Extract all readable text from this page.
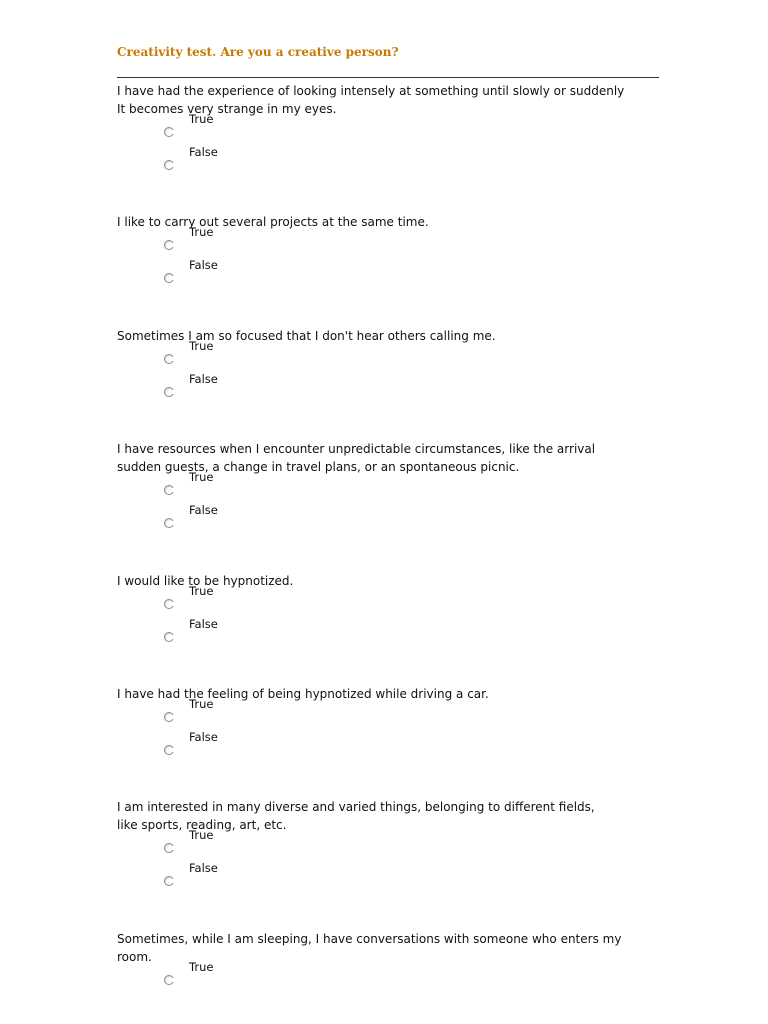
Creativity test. Are you a creative person?

I have had the experience of looking intensely at something until slowly or suddenly
It becomes very strange in my eyes.

True
False

I like to carry out several projects at the same time.

True
False

Sometimes I am so focused that I don't hear others calling me.

True
False

I have resources when I encounter unpredictable circumstances, like the arrival
sudden guests, a change in travel plans, or an spontaneous picnic.

True
False

I would like to be hypnotized.

True
False

I have had the feeling of being hypnotized while driving a car.

True
False

I am interested in many diverse and varied things, belonging to different fields,
like sports, reading, art, etc.

True
False

Sometimes, while I am sleeping, I have conversations with someone who enters my
room.

True
